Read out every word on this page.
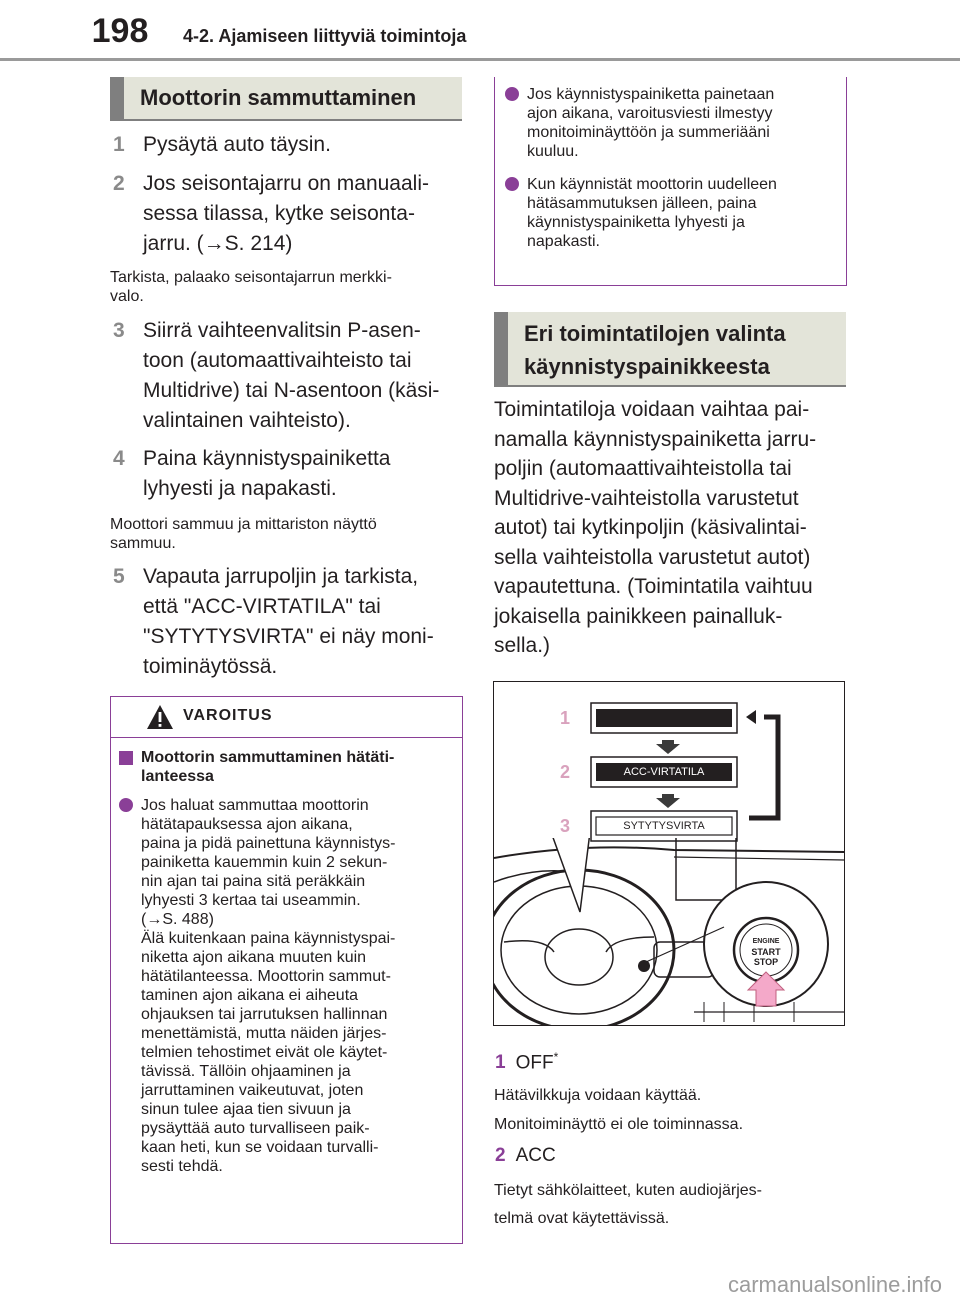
198	4-2. Ajamiseen liittyviä toimintoja
Moottorin sammuttaminen
1 Pysäytä auto täysin.
2 Jos seisontajarru on manuaali-
sessa tilassa, kytke seisonta-
jarru. (→S. 214)
Tarkista, palaako seisontajarrun merkki-
valo.
3 Siirrä vaihteenvalitsin P-asen-
toon (automaattivaihteisto tai
Multidrive) tai N-asentoon (käsi-
valintainen vaihteisto).
4 Paina käynnistyspainiketta
lyhyesti ja napakasti.
Moottori sammuu ja mittariston näyttö
sammuu.
5 Vapauta jarrupoljin ja tarkista,
että "ACC-VIRTATILA" tai
"SYTYTYSVIRTA" ei näy moni-
toiminäytössä.
VAROITUS
Moottorin sammuttaminen hätäti-
lanteessa
Jos haluat sammuttaa moottorin
hätätapauksessa ajon aikana,
paina ja pidä painettuna käynnistys-
painiketta kauemmin kuin 2 sekun-
nin ajan tai paina sitä peräkkäin
lyhyesti 3 kertaa tai useammin.
(→S. 488)
Älä kuitenkaan paina käynnistyspai-
niketta ajon aikana muuten kuin
hätätilanteessa. Moottorin sammut-
taminen ajon aikana ei aiheuta
ohjauksen tai jarrutuksen hallinnan
menettämistä, mutta näiden järjes-
telmien tehostimet eivät ole käytet-
tävissä. Tällöin ohjaaminen ja
jarruttaminen vaikeutuvat, joten
sinun tulee ajaa tien sivuun ja
pysäyttää auto turvalliseen paik-
kaan heti, kun se voidaan turvalli-
sesti tehdä.
Jos käynnistyspainiketta painetaan
ajon aikana, varoitusviesti ilmestyy
monitoiminäyttöön ja summeriääni
kuuluu.
Kun käynnistät moottorin uudelleen
hätäsammutuksen jälleen, paina
käynnistyspainiketta lyhyesti ja
napakasti.
Eri toimintatilojen valinta
käynnistyspainikkeesta
Toimintatiloja voidaan vaihtaa pai-
namalla käynnistyspainiketta jarru-
poljin (automaattivaihteistolla tai
Multidrive-vaihteistolla varustetut
autot) tai kytkinpoljin (käsivalintai-
sella vaihteistolla varustetut autot)
vapautettuna. (Toimintatila vaihtuu
jokaisella painikkeen painalluk-
sella.)
1
2
3
ACC-VIRTATILA
SYTYTYSVIRTA
ENGINE
START
STOP
1 OFF*
Hätävilkkuja voidaan käyttää.
Monitoiminäyttö ei ole toiminnassa.
2 ACC
Tietyt sähkölaitteet, kuten audiojärjes-
telmä ovat käytettävissä.
carmanualsonline.info
